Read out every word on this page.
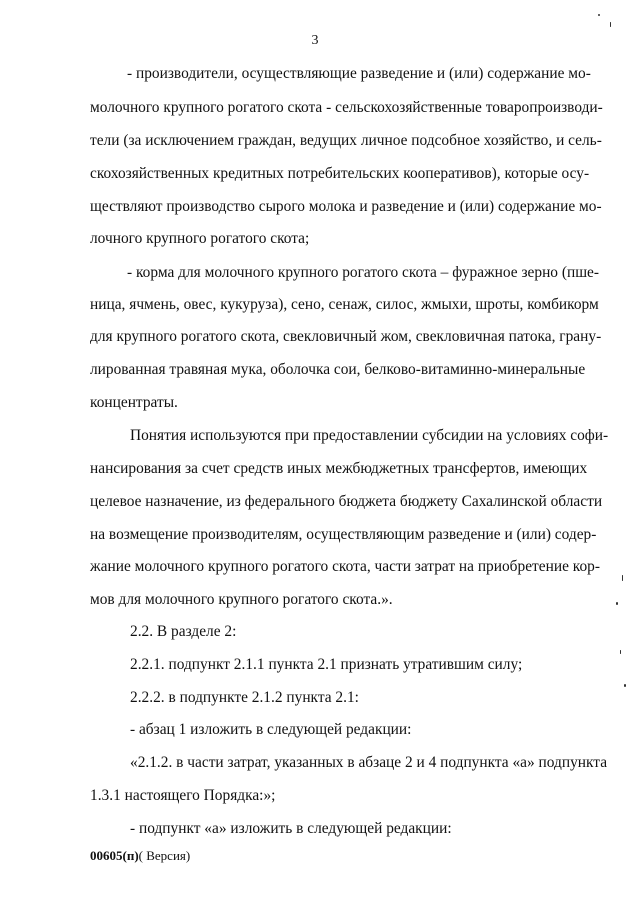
3
- производители, осуществляющие разведение и (или) содержание мо-
молочного крупного рогатого скота - сельскохозяйственные товаропроизводи-
тели (за исключением граждан, ведущих личное подсобное хозяйство, и сель-
скохозяйственных кредитных потребительских кооперативов), которые осу-
ществляют производство сырого молока и разведение и (или) содержание мо-
лочного крупного рогатого скота;
- корма для молочного крупного рогатого скота – фуражное зерно (пше-
ница, ячмень, овес, кукуруза), сено, сенаж, силос, жмыхи, шроты, комбикорм
для крупного рогатого скота, свекловичный жом, свекловичная патока, грану-
лированная травяная мука, оболочка сои, белково-витаминно-минеральные
концентраты.
Понятия используются при предоставлении субсидии на условиях софи-
нансирования за счет средств иных межбюджетных трансфертов, имеющих
целевое назначение, из федерального бюджета бюджету Сахалинской области
на возмещение производителям, осуществляющим разведение и (или) содер-
жание молочного крупного рогатого скота, части затрат на приобретение кор-
мов для молочного крупного рогатого скота.».
2.2. В разделе 2:
2.2.1. подпункт 2.1.1 пункта 2.1 признать утратившим силу;
2.2.2. в подпункте 2.1.2 пункта 2.1:
- абзац 1 изложить в следующей редакции:
«2.1.2. в части затрат, указанных в абзаце 2 и 4 подпункта «а» подпункта
1.3.1 настоящего Порядка:»;
- подпункт «а» изложить в следующей редакции:
00605(п)( Версия)
